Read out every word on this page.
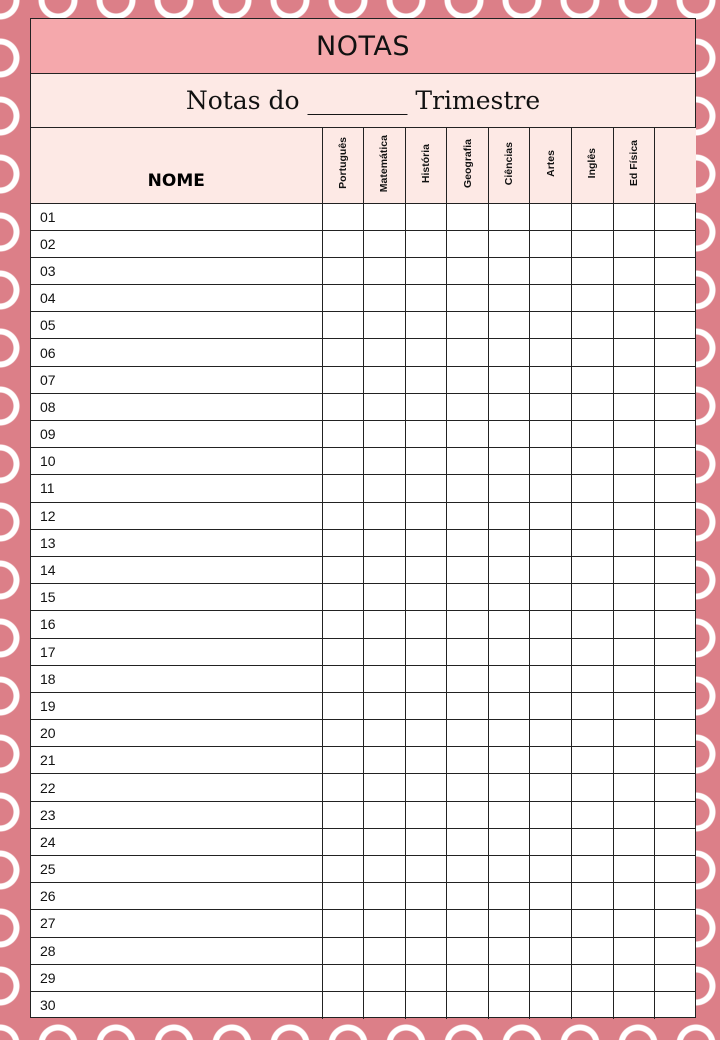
NOTAS
Notas do ________ Trimestre
NOME	Português	Matemática	História	Geografia	Ciências	Artes	Inglês	Ed Física	
01									
02									
03									
04									
05									
06									
07									
08									
09									
10									
11									
12									
13									
14									
15									
16									
17									
18									
19									
20									
21									
22									
23									
24									
25									
26									
27									
28									
29									
30									
